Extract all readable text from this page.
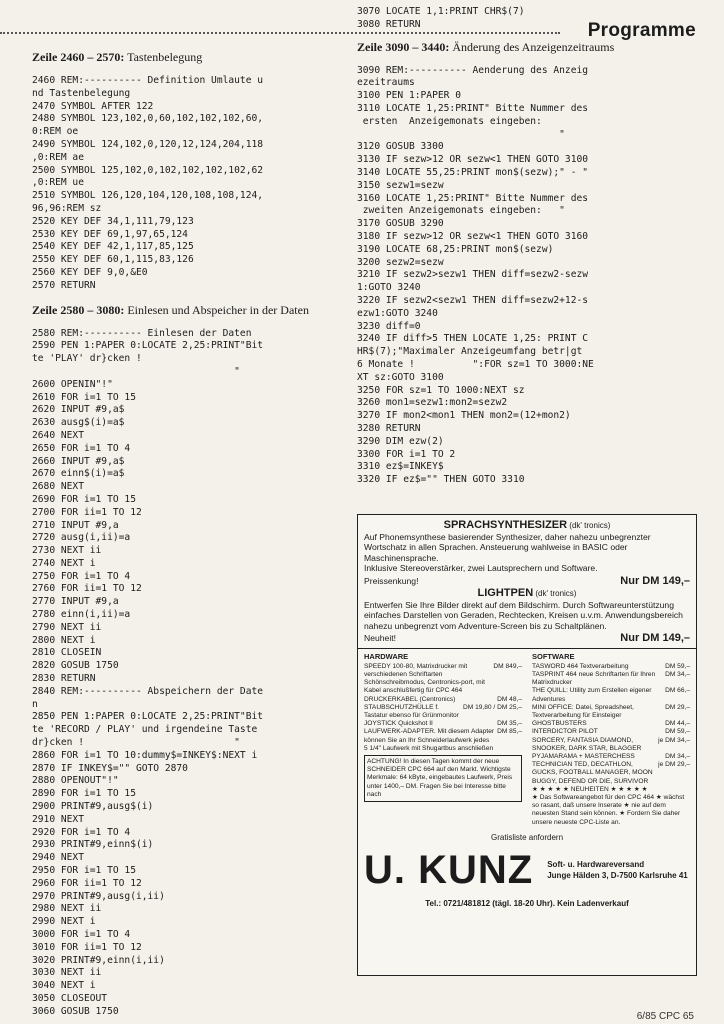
Programme

Zeile 2460 – 2570: Tastenbelegung

2460 REM:---------- Definition Umlaute u
nd Tastenbelegung
2470 SYMBOL AFTER 122
2480 SYMBOL 123,102,0,60,102,102,102,60,
0:REM oe
2490 SYMBOL 124,102,0,120,12,124,204,118
,0:REM ae
2500 SYMBOL 125,102,0,102,102,102,102,62
,0:REM ue
2510 SYMBOL 126,120,104,120,108,108,124,
96,96:REM sz
2520 KEY DEF 34,1,111,79,123
2530 KEY DEF 69,1,97,65,124
2540 KEY DEF 42,1,117,85,125
2550 KEY DEF 60,1,115,83,126
2560 KEY DEF 9,0,&E0
2570 RETURN

Zeile 2580 – 3080: Einlesen und Abspeicher in der Daten

2580 REM:---------- Einlesen der Daten
2590 PEN 1:PAPER 0:LOCATE 2,25:PRINT"Bit
te 'PLAY' dr}cken !
"
2600 OPENIN"!"
2610 FOR i=1 TO 15
2620 INPUT #9,a$
2630 ausg$(i)=a$
2640 NEXT
2650 FOR i=1 TO 4
2660 INPUT #9,a$
2670 einn$(i)=a$
2680 NEXT
2690 FOR i=1 TO 15
2700 FOR ii=1 TO 12
2710 INPUT #9,a
2720 ausg(i,ii)=a
2730 NEXT ii
2740 NEXT i
2750 FOR i=1 TO 4
2760 FOR ii=1 TO 12
2770 INPUT #9,a
2780 einn(i,ii)=a
2790 NEXT ii
2800 NEXT i
2810 CLOSEIN
2820 GOSUB 1750
2830 RETURN
2840 REM:---------- Abspeichern der Date
n
2850 PEN 1:PAPER 0:LOCATE 2,25:PRINT"Bit
te 'RECORD / PLAY' und irgendeine Taste
dr}cken !                          "
2860 FOR i=1 TO 10:dummy$=INKEY$:NEXT i
2870 IF INKEY$="" GOTO 2870
2880 OPENOUT"!"
2890 FOR i=1 TO 15
2900 PRINT#9,ausg$(i)
2910 NEXT
2920 FOR i=1 TO 4
2930 PRINT#9,einn$(i)
2940 NEXT
2950 FOR i=1 TO 15
2960 FOR ii=1 TO 12
2970 PRINT#9,ausg(i,ii)
2980 NEXT ii
2990 NEXT i
3000 FOR i=1 TO 4
3010 FOR ii=1 TO 12
3020 PRINT#9,einn(i,ii)
3030 NEXT ii
3040 NEXT i
3050 CLOSEOUT
3060 GOSUB 1750
3070 LOCATE 1,1:PRINT CHR$(7)
3080 RETURN

Zeile 3090 – 3440: Änderung des Anzeigenzeitraums

3090 REM:---------- Aenderung des Anzeig
ezeitraums
3100 PEN 1:PAPER 0
3110 LOCATE 1,25:PRINT" Bitte Nummer des
ersten  Anzeigemonats eingeben:
"
3120 GOSUB 3300
3130 IF sezw>12 OR sezw<1 THEN GOTO 3100
3140 LOCATE 55,25:PRINT mon$(sezw);" - "
3150 sezw1=sezw
3160 LOCATE 1,25:PRINT" Bitte Nummer des
zweiten Anzeigemonats eingeben:   "
3170 GOSUB 3290
3180 IF sezw>12 OR sezw<1 THEN GOTO 3160
3190 LOCATE 68,25:PRINT mon$(sezw)
3200 sezw2=sezw
3210 IF sezw2>sezw1 THEN diff=sezw2-sezw
1:GOTO 3240
3220 IF sezw2<sezw1 THEN diff=sezw2+12-s
ezw1:GOTO 3240
3230 diff=0
3240 IF diff>5 THEN LOCATE 1,25: PRINT C
HR$(7);"Maximaler Anzeigeumfang betr|gt
6 Monate !          ":FOR sz=1 TO 3000:NE
XT sz:GOTO 3100
3250 FOR sz=1 TO 1000:NEXT sz
3260 mon1=sezw1:mon2=sezw2
3270 IF mon2<mon1 THEN mon2=(12+mon2)
3280 RETURN
3290 DIM ezw(2)
3300 FOR i=1 TO 2
3310 ez$=INKEY$
3320 IF ez$="" THEN GOTO 3310
SPRACHSYNTHESIZER (dk' tronics)

Auf Phonemsynthese basierender Synthesizer, daher nahezu unbegrenzter Wortschatz in allen Sprachen. Ansteuerung wahlweise in BASIC oder Maschinensprache.

Inklusive Stereoverstärker, zwei Lautsprechern und Software.

Preissenkung!	Nur DM 149,–
LIGHTPEN (dk' tronics)

Entwerfen Sie Ihre Bilder direkt auf dem Bildschirm. Durch Softwareunterstützung einfaches Darstellen von Geraden, Rechtecken, Kreisen u.v.m. Anwendungsbereich nahezu unbegrenzt vom Adventure-Screen bis zu Schaltplänen.

Neuheit!	Nur DM 149,–
HARDWARE
SPEEDY 100-80, Matrixdrucker mit verschiedenen Schriftarten Schönschreibmodus, Centronics-port, mit Kabel anschlußfertig für CPC 464
DM 849,–
DRUCKERKABEL (Centronics)	DM 48,–
STAUBSCHUTZHÜLLE f. Tastatur ebenso für Grünmonitor
DM 19,80 / DM 25,–
JOYSTICK Quickshot II	DM 35,–
LAUFWERK-ADAPTER. Mit diesem Adapter können Sie an Ihr Schneiderlaufwerk jedes 5 1/4" Laufwerk mit Shugartbus anschließen
DM 85,–
ACHTUNG! In diesen Tagen kommt der neue SCHNEIDER CPC 664 auf den Markt. Wichtigste Merkmale: 64 kByte, eingebautes Laufwerk, Preis unter 1400,– DM. Fragen Sie bei Interesse bitte nach
SOFTWARE
TASWORD 464 Textverarbeitung	DM 59,–
TASPRINT 464 neue Schriftarten für Ihren Matrixdrucker
DM 34,–
THE QUILL: Utility zum Erstellen eigener Adventures
DM 66,–
MINI OFFICE: Datei, Spreadsheet, Textverarbeitung für Einsteiger
DM 29,–
GHOSTBUSTERS	DM 44,–
INTERDICTOR PILOT	DM 59,–
SORCERY, FANTASIA DIAMOND, SNOOKER, DARK STAR, BLAGGER
je DM 34,–
PYJAMARAMA + MASTERCHESS	DM 34,–
TECHNICIAN TED, DECATHLON, GUCKS, FOOTBALL MANAGER, MOON BUGGY, DEFEND OR DIE, SURVIVOR
je DM 29,–
★ ★ ★ ★ ★ NEUHEITEN ★ ★ ★ ★ ★
★ Das Softwareangebot für den CPC 464 ★ wächst so rasant, daß unsere Inserate ★ nie auf dem neuesten Stand sein können. ★ Fordern Sie daher unsere neueste CPC-Liste an.
Gratisliste anfordern
U. KUNZ Soft- u. Hardwareversand
Junge Hälden 3, D-7500 Karlsruhe 41
Tel.: 0721/481812 (tägl. 18-20 Uhr). Kein Ladenverkauf
6/85 CPC 65
